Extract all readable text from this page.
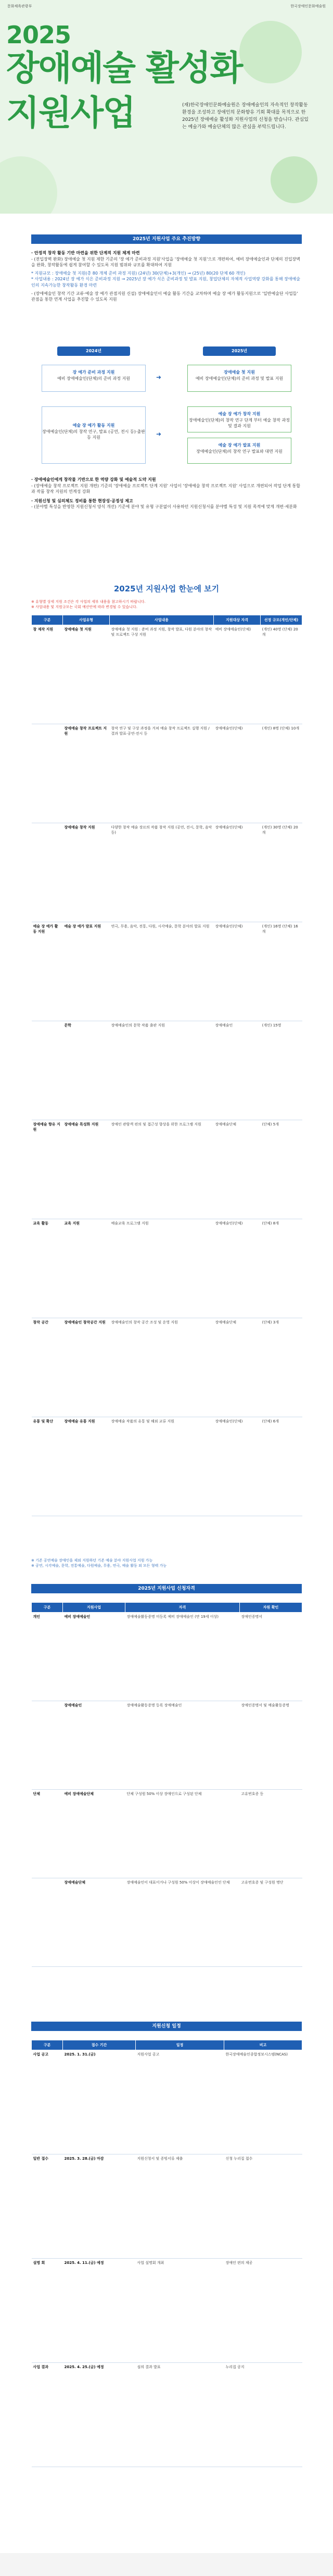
문화체육관광부	한국장애인문화예술원
2025
장애예술 활성화
지원사업	(재)한국장애인문화예술원은 장애예술인의 자속적인 창작활동 환경을 조성하고 장애인의 문화향유 기회 확대를 목적으로 한 2025년 장애예술 활성화 지원사업의 신청을 받습니다. 관심있는 예술가와 예술단체의 많은 관심을 부탁드립니다.
2025년 지원사업 주요 추진방향
· 안정적 창작 활동 기반 마련을 위한 단계적 지원 체계 마련
- (전입장벽 완화) 장애예술 첫 지원 제한 기준의 '장 예가 준비과정 지원'사업을 '장애예술 첫 지원'으로 개편하여, 예비 장애예술인과 단체의 진입장벽을 완화, 창작활동에 쉽게 참여할 수 있도록 지원 범위와 규모를 확대하여 지원
* 지원규모 : 장애예술 첫 지원(총 80 개체 준비 과정 지원) (24년) 30(단체)+3(개인) → (25년) 80(20 단체 60 개인)
* 사업내용 : 2024년 장 예가 식은 준비과정 지원 → 2025년 장 예가 식은 준비과정 및 발표 지원, 창업단체의 자체적 사업역량 강화를 통해 장애예술인의 지속가능한 창작활동 환경 마련
- (장애예술인 창작 기간 교류·예술 장 예가 관점지원 신설) 장애예술인이 예술 활동 기간을 교차하며 예술 장 예가 활동지원으로 '일반예술단 사업들' 관점을 통한 연계 사업을 추진할 수 있도록 지원
2024년	2025년
장 예가 준비 과정 지원
예비 장애예술인(단체)의 준비 과정 지원	➜
장애예술 첫 지원
예비 장애예술인(단체)의 준비 과정 및 발표 지원
예술 장 예가 활동 지원
장애예술인(단체)의 창작 연구, 발표 (공연, 전시 등)·출판 등 지원	➜
예술 장 예가 창작 지원
장애예술인(단체)의 창작 연구 단계 부터 예술 창작 과정 및 결과 지원
예술 장 예가 발표 지원
장애예술인(단체)의 창작 연구 발표와 대면 지원
· 장애예술인에게 창작물 기반으로 한 역량 강화 및 예술적 도약 지원
- (장애예술 창작 프로젝트 지원 개편) 기준의 '장애예술 프로젝트 단계 지원' 사업이 '장애예술 창작 프로젝트 지원' 사업으로 개편되어 작업 단계 통합과 작품 창작 지원의 연계성 강화
· 지원신청 및 심의체도 정비를 통한 현장성·공정성 제고
- (분야별 특성을 반영한 지원신청서 양식 개선) 기준에 분야 및 유형 구분없이 사용하던 지원신청서를 분야별 특성 및 지원 목적에 맞게 개편·세분화
2025년 지원사업 한눈에 보기
※ 유형별 상세 지원 조건은 각 사업의 세부 내용을 참고하시기 바랍니다.
※ 사업내용 및 지원규모는 국회 예산안에 따라 변경될 수 있습니다.
구분	사업유형	사업내용	지원대상 자격	선정 규모(개인/단체)
창 제작 지원	장애예술 첫 지원	장애예술 첫 지원 : 준비 과정 지원, 창작 발표, 다원 분야의 창작 및 프로젝트 구상 지원	예비 장애예술인(단체)	(개인) 40명 (단체) 20개
	장애예술 창작 프로젝트 지원	창작 연구 및 구상 과정을 거쳐 예술 창작 프로젝트 실행 지원 / 결과 발표·공연·전시 등	장애예술인(단체)	(개인) 8명 (단체) 10개
	장애예술 창작 지원	다양한 창작 예술 장르의 작품 창작 지원 (공연, 전시, 문학, 음악 등)	장애예술인(단체)	(개인) 30명 (단체) 20개
예술 장 예가 활동 지원	예술 장 예가 발표 지원	연극, 무용, 음악, 전통, 다원, 시각예술, 문학 분야의 발표 지원	장애예술인(단체)	(개인) 16명 (단체) 16개
	문학	장애예술인의 문학 작품 출판 지원	장애예술인	(개인) 15명
장애예술 향유 지원	장애예술 특성화 지원	장애인 관람객 편의 및 접근성 향상을 위한 프로그램 지원	장애예술단체	(단체) 5개
교육 활동	교육 지원	예술교육 프로그램 지원	장애예술인(단체)	(단체) 8개
창작 공간	장애예술인 창작공간 지원	장애예술인의 창작 공간 조성 및 운영 지원	장애예술단체	(단체) 3개
유통 및 확산	장애예술 유통 지원	장애예술 작품의 유통 및 해외 교류 지원	장애예술인(단체)	(단체) 6개
※ 기존 공연예술 장애인을 제외 지원하던 기존 예술 분야 지원사업 지원 가능
※ 공연, 시각예술, 문학, 전통예술, 다원예술, 무용, 연극, 예술 활동 외 모든 형태 가능
2025년 지원사업 신청자격
구분	지원사업	자격	자원 확인
개인	예비 장애예술인	장애예술활동증명 미등록 예비 장애예술인 (만 19세 이상)	장애인증명서
	장애예술인	장애예술활동증명 등록 장애예술인	장애인증명서 및 예술활동증명
단체	예비 장애예술단체	단체 구성원 50% 이상 장애인으로 구성된 단체	고유번호증 등
	장애예술단체	장애예술인이 대표이거나 구성원 50% 이상이 장애예술인인 단체	고유번호증 및 구성원 명단
지원신청 일정
구분	접수 기간	일정	비고
사업 공고	2025. 1. 31.(금)	지원사업 공고	한국장애예술인종합정보시스템(NCAS)
일반 접수	2025. 3. 28.(금) 마감	지원신청서 및 증빙서류 제출	신청 누리집 접수
설명 회	2025. 4. 11.(금) 예정	사업 설명회 개최	장애인 편의 제공
사업 결과	2025. 4. 25.(금) 예정	심의 결과 발표	누리집 공지
